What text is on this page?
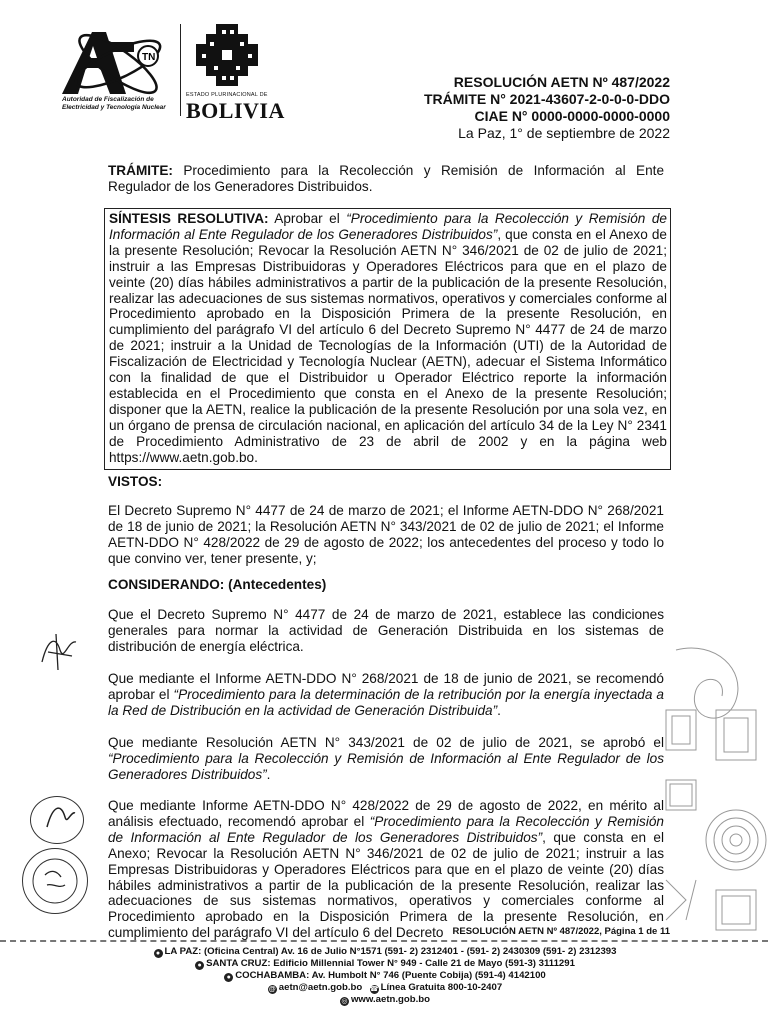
TN
Autoridad de Fiscalización de
Electricidad y Tecnología Nuclear
ESTADO PLURINACIONAL DE
BOLIVIA
RESOLUCIÓN AETN Nº 487/2022
TRÁMITE N° 2021-43607-2-0-0-0-DDO
CIAE N° 0000-0000-0000-0000
La Paz, 1° de septiembre de 2022
TRÁMITE: Procedimiento para la Recolección y Remisión de Información al Ente Regulador de los Generadores Distribuidos.
SÍNTESIS RESOLUTIVA: Aprobar el “Procedimiento para la Recolección y Remisión de Información al Ente Regulador de los Generadores Distribuidos”, que consta en el Anexo de la presente Resolución; Revocar la Resolución AETN N° 346/2021 de 02 de julio de 2021; instruir a las Empresas Distribuidoras y Operadores Eléctricos para que en el plazo de veinte (20) días hábiles administrativos a partir de la publicación de la presente Resolución, realizar las adecuaciones de sus sistemas normativos, operativos y comerciales conforme al Procedimiento aprobado en la Disposición Primera de la presente Resolución, en cumplimiento del parágrafo VI del artículo 6 del Decreto Supremo N° 4477 de 24 de marzo de 2021; instruir a la Unidad de Tecnologías de la Información (UTI) de la Autoridad de Fiscalización de Electricidad y Tecnología Nuclear (AETN), adecuar el Sistema Informático con la finalidad de que el Distribuidor u Operador Eléctrico reporte la información establecida en el Procedimiento que consta en el Anexo de la presente Resolución; disponer que la AETN, realice la publicación de la presente Resolución por una sola vez, en un órgano de prensa de circulación nacional, en aplicación del artículo 34 de la Ley N° 2341 de Procedimiento Administrativo de 23 de abril de 2002 y en la página web https://www.aetn.gob.bo.
VISTOS:
El Decreto Supremo N° 4477 de 24 de marzo de 2021; el Informe AETN-DDO N° 268/2021 de 18 de junio de 2021; la Resolución AETN N° 343/2021 de 02 de julio de 2021; el Informe AETN-DDO N° 428/2022 de 29 de agosto de 2022; los antecedentes del proceso y todo lo que convino ver, tener presente, y;
CONSIDERANDO: (Antecedentes)
Que el Decreto Supremo N° 4477 de 24 de marzo de 2021, establece las condiciones generales para normar la actividad de Generación Distribuida en los sistemas de distribución de energía eléctrica.
Que mediante el Informe AETN-DDO N° 268/2021 de 18 de junio de 2021, se recomendó aprobar el “Procedimiento para la determinación de la retribución por la energía inyectada a la Red de Distribución en la actividad de Generación Distribuida”.
Que mediante Resolución AETN N° 343/2021 de 02 de julio de 2021, se aprobó el “Procedimiento para la Recolección y Remisión de Información al Ente Regulador de los Generadores Distribuidos”.
Que mediante Informe AETN-DDO N° 428/2022 de 29 de agosto de 2022, en mérito al análisis efectuado, recomendó aprobar el “Procedimiento para la Recolección y Remisión de Información al Ente Regulador de los Generadores Distribuidos”, que consta en el Anexo; Revocar la Resolución AETN N° 346/2021 de 02 de julio de 2021; instruir a las Empresas Distribuidoras y Operadores Eléctricos para que en el plazo de veinte (20) días hábiles administrativos a partir de la publicación de la presente Resolución, realizar las adecuaciones de sus sistemas normativos, operativos y comerciales conforme al Procedimiento aprobado en la Disposición Primera de la presente Resolución, en cumplimiento del parágrafo VI del artículo 6 del Decreto RESOLUCIÓN AETN Nº 487/2022, Página 1 de 11
● LA PAZ: (Oficina Central) Av. 16 de Julio N°1571 (591- 2) 2312401 - (591- 2) 2430309 (591- 2) 2312393
● SANTA CRUZ: Edificio Millennial Tower N° 949 - Calle 21 de Mayo (591-3) 3111291
● COCHABAMBA: Av. Humbolt N° 746 (Puente Cobija) (591-4) 4142100
@ aetn@aetn.gob.bo ☎ Línea Gratuita 800-10-2407
◎ www.aetn.gob.bo
